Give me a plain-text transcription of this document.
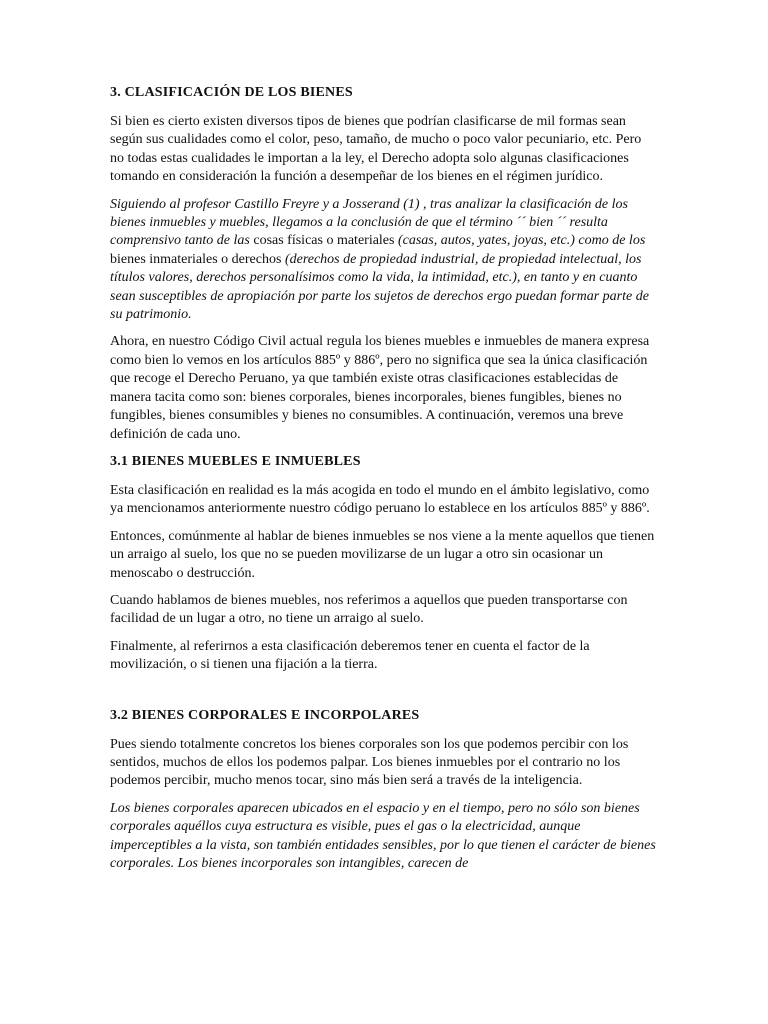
3. CLASIFICACIÓN DE LOS BIENES

Si bien es cierto existen diversos tipos de bienes que podrían clasificarse de mil formas sean según sus cualidades como el color, peso, tamaño, de mucho o poco valor pecuniario, etc. Pero no todas estas cualidades le importan a la ley, el Derecho adopta solo algunas clasificaciones tomando en consideración la función a desempeñar de los bienes en el régimen jurídico.

Siguiendo al profesor Castillo Freyre y a Josserand (1) , tras analizar la clasificación de los bienes inmuebles y muebles, llegamos a la conclusión de que el término ´´ bien ´´ resulta comprensivo tanto de las cosas físicas o materiales (casas, autos, yates, joyas, etc.) como de los bienes inmateriales o derechos (derechos de propiedad industrial, de propiedad intelectual, los títulos valores, derechos personalísimos como la vida, la intimidad, etc.), en tanto y en cuanto sean susceptibles de apropiación por parte los sujetos de derechos ergo puedan formar parte de su patrimonio.

Ahora, en nuestro Código Civil actual regula los bienes muebles e inmuebles de manera expresa como bien lo vemos en los artículos 885º y 886º, pero no significa que sea la única clasificación que recoge el Derecho Peruano, ya que también existe otras clasificaciones establecidas de manera tacita como son: bienes corporales, bienes incorporales, bienes fungibles, bienes no fungibles, bienes consumibles y bienes no consumibles. A continuación, veremos una breve definición de cada uno.

3.1 BIENES MUEBLES E INMUEBLES

Esta clasificación en realidad es la más acogida en todo el mundo en el ámbito legislativo, como ya mencionamos anteriormente nuestro código peruano lo establece en los artículos 885º y 886º.

Entonces, comúnmente al hablar de bienes inmuebles se nos viene a la mente aquellos que tienen un arraigo al suelo, los que no se pueden movilizarse de un lugar a otro sin ocasionar un menoscabo o destrucción.

Cuando hablamos de bienes muebles, nos referimos a aquellos que pueden transportarse con facilidad de un lugar a otro, no tiene un arraigo al suelo.

Finalmente, al referirnos a esta clasificación deberemos tener en cuenta el factor de la movilización, o si tienen una fijación a la tierra.

3.2 BIENES CORPORALES E INCORPOLARES

Pues siendo totalmente concretos los bienes corporales son los que podemos percibir con los sentidos, muchos de ellos los podemos palpar. Los bienes inmuebles por el contrario no los podemos percibir, mucho menos tocar, sino más bien será a través de la inteligencia.

Los bienes corporales aparecen ubicados en el espacio y en el tiempo, pero no sólo son bienes corporales aquéllos cuya estructura es visible, pues el gas o la electricidad, aunque imperceptibles a la vista, son también entidades sensibles, por lo que tienen el carácter de bienes corporales. Los bienes incorporales son intangibles, carecen de
